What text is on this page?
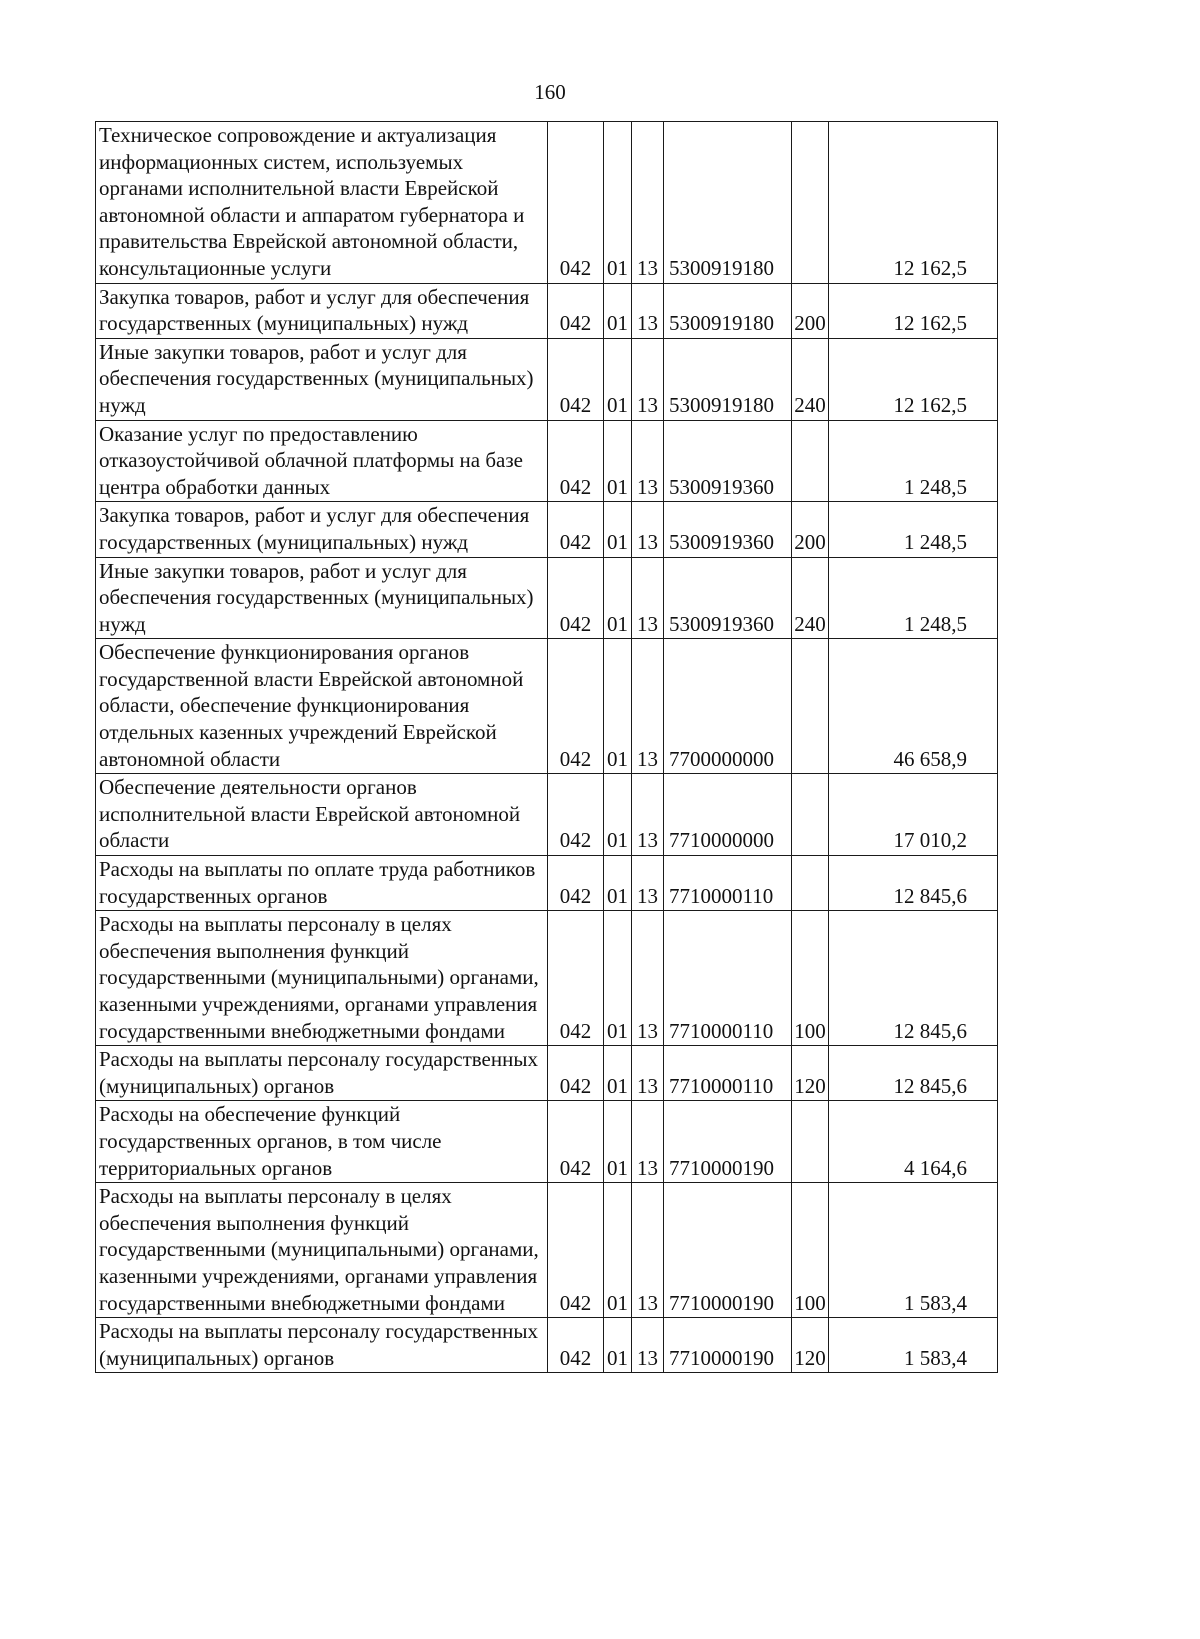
160
Техническое сопровождение и актуализация информационных систем, используемых органами исполнительной власти Еврейской автономной области и аппаратом губернатора и правительства Еврейской автономной области, консультационные услуги	042	01	13	5300919180		12 162,5
Закупка товаров, работ и услуг для обеспечения государственных (муниципальных) нужд	042	01	13	5300919180	200	12 162,5
Иные закупки товаров, работ и услуг для обеспечения государственных (муниципальных) нужд	042	01	13	5300919180	240	12 162,5
Оказание услуг по предоставлению отказоустойчивой облачной платформы на базе центра обработки данных	042	01	13	5300919360		1 248,5
Закупка товаров, работ и услуг для обеспечения государственных (муниципальных) нужд	042	01	13	5300919360	200	1 248,5
Иные закупки товаров, работ и услуг для обеспечения государственных (муниципальных) нужд	042	01	13	5300919360	240	1 248,5
Обеспечение функционирования органов государственной власти Еврейской автономной области, обеспечение функционирования отдельных казенных учреждений Еврейской автономной области	042	01	13	7700000000		46 658,9
Обеспечение деятельности органов исполнительной власти Еврейской автономной области	042	01	13	7710000000		17 010,2
Расходы на выплаты по оплате труда работников государственных органов	042	01	13	7710000110		12 845,6
Расходы на выплаты персоналу в целях обеспечения выполнения функций государственными (муниципальными) органами, казенными учреждениями, органами управления государственными внебюджетными фондами	042	01	13	7710000110	100	12 845,6
Расходы на выплаты персоналу государственных (муниципальных) органов	042	01	13	7710000110	120	12 845,6
Расходы на обеспечение функций государственных органов, в том числе территориальных органов	042	01	13	7710000190		4 164,6
Расходы на выплаты персоналу в целях обеспечения выполнения функций государственными (муниципальными) органами, казенными учреждениями, органами управления государственными внебюджетными фондами	042	01	13	7710000190	100	1 583,4
Расходы на выплаты персоналу государственных (муниципальных) органов	042	01	13	7710000190	120	1 583,4
